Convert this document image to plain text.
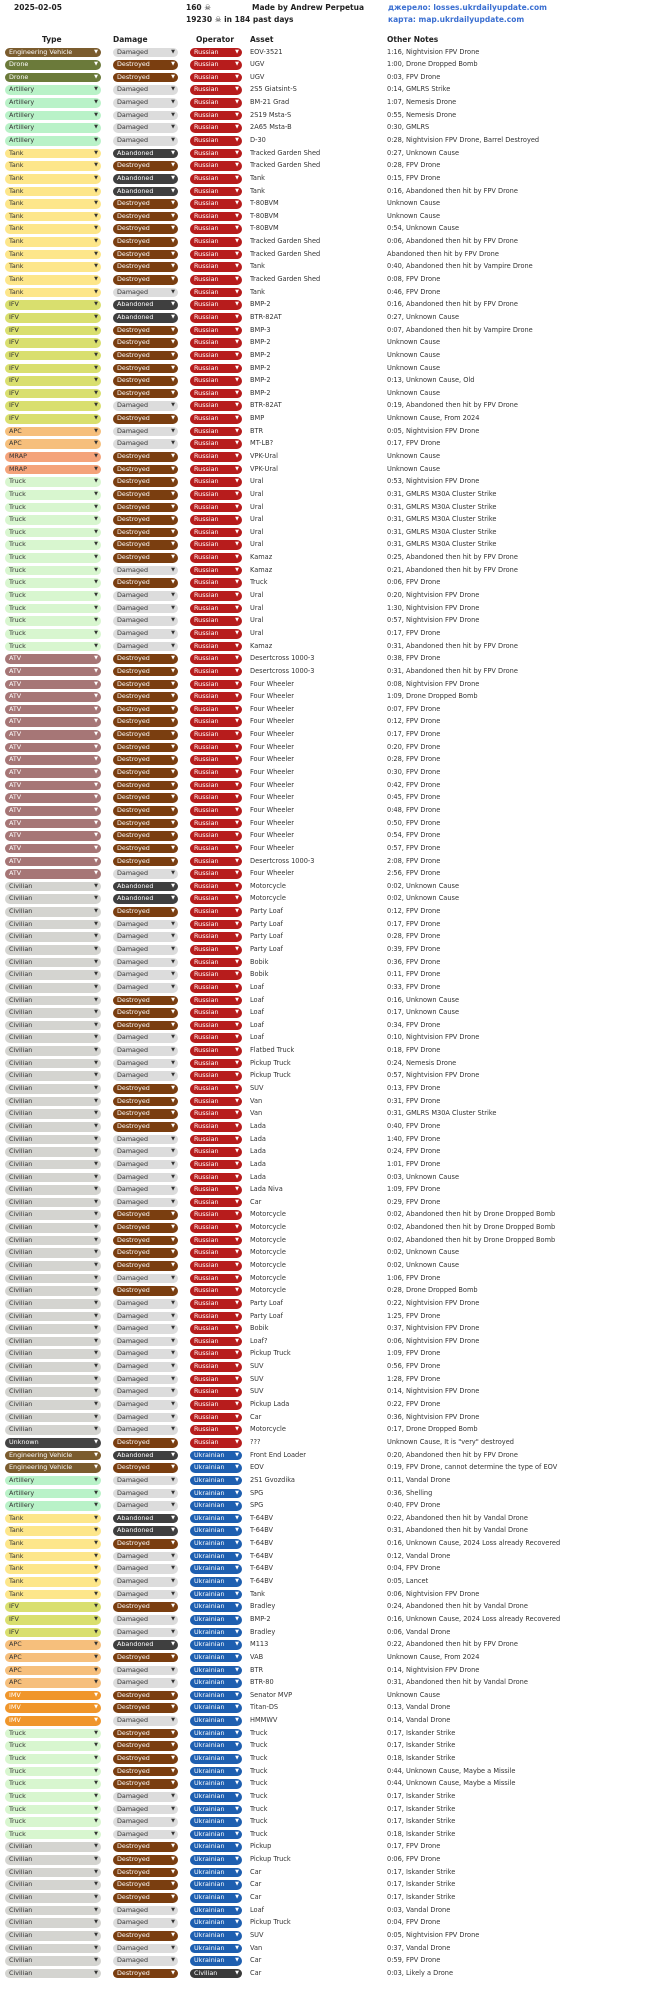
2025-02-05	160 ☠
19230 ☠ in 184 past days
Made by Andrew Perpetua	джерело: losses.ukrdailyupdate.com
карта: map.ukrdailyupdate.com
Type	Damage	Operator Asset	Other Notes
Engineering Vehicle	▼	Damaged	▼	Russian	▼ EOV-3521	1:16, Nightvision FPV Drone
Drone	▼	Destroyed	▼	Russian	▼ UGV	1:00, Drone Dropped Bomb
Drone	▼	Destroyed	▼	Russian	▼ UGV	0:03, FPV Drone
Artillery	▼	Damaged	▼	Russian	▼ 2S5 Giatsint-S	0:14, GMLRS Strike
Artillery	▼	Damaged	▼	Russian	▼ BM-21 Grad	1:07, Nemesis Drone
Artillery	▼	Damaged	▼	Russian	▼ 2S19 Msta-S	0:55, Nemesis Drone
Artillery	▼	Damaged	▼	Russian	▼ 2A65 Msta-B	0:30, GMLRS
Artillery	▼	Damaged	▼	Russian	▼ D-30	0:28, Nightvision FPV Drone, Barrel Destroyed
Tank	▼	Abandoned	▼	Russian	▼ Tracked Garden Shed	0:27, Unknown Cause
Tank	▼	Destroyed	▼	Russian	▼ Tracked Garden Shed	0:28, FPV Drone
Tank	▼	Abandoned	▼	Russian	▼ Tank	0:15, FPV Drone
Tank	▼	Abandoned	▼	Russian	▼ Tank	0:16, Abandoned then hit by FPV Drone
Tank	▼	Destroyed	▼	Russian	▼ T-80BVM	Unknown Cause
Tank	▼	Destroyed	▼	Russian	▼ T-80BVM	Unknown Cause
Tank	▼	Destroyed	▼	Russian	▼ T-80BVM	0:54, Unknown Cause
Tank	▼	Destroyed	▼	Russian	▼ Tracked Garden Shed	0:06, Abandoned then hit by FPV Drone
Tank	▼	Destroyed	▼	Russian	▼ Tracked Garden Shed	Abandoned then hit by FPV Drone
Tank	▼	Destroyed	▼	Russian	▼ Tank	0:40, Abandoned then hit by Vampire Drone
Tank	▼	Destroyed	▼	Russian	▼ Tracked Garden Shed	0:08, FPV Drone
Tank	▼	Damaged	▼	Russian	▼ Tank	0:46, FPV Drone
IFV	▼	Abandoned	▼	Russian	▼ BMP-2	0:16, Abandoned then hit by FPV Drone
IFV	▼	Abandoned	▼	Russian	▼ BTR-82AT	0:27, Unknown Cause
IFV	▼	Destroyed	▼	Russian	▼ BMP-3	0:07, Abandoned then hit by Vampire Drone
IFV	▼	Destroyed	▼	Russian	▼ BMP-2	Unknown Cause
IFV	▼	Destroyed	▼	Russian	▼ BMP-2	Unknown Cause
IFV	▼	Destroyed	▼	Russian	▼ BMP-2	Unknown Cause
IFV	▼	Destroyed	▼	Russian	▼ BMP-2	0:13, Unknown Cause, Old
IFV	▼	Destroyed	▼	Russian	▼ BMP-2	Unknown Cause
IFV	▼	Damaged	▼	Russian	▼ BTR-82AT	0:19, Abandoned then hit by FPV Drone
IFV	▼	Destroyed	▼	Russian	▼ BMP	Unknown Cause, From 2024
APC	▼	Damaged	▼	Russian	▼ BTR	0:05, Nightvision FPV Drone
APC	▼	Damaged	▼	Russian	▼ MT-LB?	0:17, FPV Drone
MRAP	▼	Destroyed	▼	Russian	▼ VPK-Ural	Unknown Cause
MRAP	▼	Destroyed	▼	Russian	▼ VPK-Ural	Unknown Cause
Truck	▼	Destroyed	▼	Russian	▼ Ural	0:53, Nightvision FPV Drone
Truck	▼	Destroyed	▼	Russian	▼ Ural	0:31, GMLRS M30A Cluster Strike
Truck	▼	Destroyed	▼	Russian	▼ Ural	0:31, GMLRS M30A Cluster Strike
Truck	▼	Destroyed	▼	Russian	▼ Ural	0:31, GMLRS M30A Cluster Strike
Truck	▼	Destroyed	▼	Russian	▼ Ural	0:31, GMLRS M30A Cluster Strike
Truck	▼	Destroyed	▼	Russian	▼ Ural	0:31, GMLRS M30A Cluster Strike
Truck	▼	Destroyed	▼	Russian	▼ Kamaz	0:25, Abandoned then hit by FPV Drone
Truck	▼	Damaged	▼	Russian	▼ Kamaz	0:21, Abandoned then hit by FPV Drone
Truck	▼	Destroyed	▼	Russian	▼ Truck	0:06, FPV Drone
Truck	▼	Damaged	▼	Russian	▼ Ural	0:20, Nightvision FPV Drone
Truck	▼	Damaged	▼	Russian	▼ Ural	1:30, Nightvision FPV Drone
Truck	▼	Damaged	▼	Russian	▼ Ural	0:57, Nightvision FPV Drone
Truck	▼	Damaged	▼	Russian	▼ Ural	0:17, FPV Drone
Truck	▼	Damaged	▼	Russian	▼ Kamaz	0:31, Abandoned then hit by FPV Drone
ATV	▼	Destroyed	▼	Russian	▼ Desertcross 1000-3	0:38, FPV Drone
ATV	▼	Destroyed	▼	Russian	▼ Desertcross 1000-3	0:31, Abandoned then hit by FPV Drone
ATV	▼	Destroyed	▼	Russian	▼ Four Wheeler	0:08, Nightvision FPV Drone
ATV	▼	Destroyed	▼	Russian	▼ Four Wheeler	1:09, Drone Dropped Bomb
ATV	▼	Destroyed	▼	Russian	▼ Four Wheeler	0:07, FPV Drone
ATV	▼	Destroyed	▼	Russian	▼ Four Wheeler	0:12, FPV Drone
ATV	▼	Destroyed	▼	Russian	▼ Four Wheeler	0:17, FPV Drone
ATV	▼	Destroyed	▼	Russian	▼ Four Wheeler	0:20, FPV Drone
ATV	▼	Destroyed	▼	Russian	▼ Four Wheeler	0:28, FPV Drone
ATV	▼	Destroyed	▼	Russian	▼ Four Wheeler	0:30, FPV Drone
ATV	▼	Destroyed	▼	Russian	▼ Four Wheeler	0:42, FPV Drone
ATV	▼	Destroyed	▼	Russian	▼ Four Wheeler	0:45, FPV Drone
ATV	▼	Destroyed	▼	Russian	▼ Four Wheeler	0:48, FPV Drone
ATV	▼	Destroyed	▼	Russian	▼ Four Wheeler	0:50, FPV Drone
ATV	▼	Destroyed	▼	Russian	▼ Four Wheeler	0:54, FPV Drone
ATV	▼	Destroyed	▼	Russian	▼ Four Wheeler	0:57, FPV Drone
ATV	▼	Destroyed	▼	Russian	▼ Desertcross 1000-3	2:08, FPV Drone
ATV	▼	Damaged	▼	Russian	▼ Four Wheeler	2:56, FPV Drone
Civilian	▼	Abandoned	▼	Russian	▼ Motorcycle	0:02, Unknown Cause
Civilian	▼	Abandoned	▼	Russian	▼ Motorcycle	0:02, Unknown Cause
Civilian	▼	Destroyed	▼	Russian	▼ Party Loaf	0:12, FPV Drone
Civilian	▼	Damaged	▼	Russian	▼ Party Loaf	0:17, FPV Drone
Civilian	▼	Damaged	▼	Russian	▼ Party Loaf	0:28, FPV Drone
Civilian	▼	Damaged	▼	Russian	▼ Party Loaf	0:39, FPV Drone
Civilian	▼	Damaged	▼	Russian	▼ Bobik	0:36, FPV Drone
Civilian	▼	Damaged	▼	Russian	▼ Bobik	0:11, FPV Drone
Civilian	▼	Damaged	▼	Russian	▼ Loaf	0:33, FPV Drone
Civilian	▼	Destroyed	▼	Russian	▼ Loaf	0:16, Unknown Cause
Civilian	▼	Destroyed	▼	Russian	▼ Loaf	0:17, Unknown Cause
Civilian	▼	Destroyed	▼	Russian	▼ Loaf	0:34, FPV Drone
Civilian	▼	Damaged	▼	Russian	▼ Loaf	0:10, Nightvision FPV Drone
Civilian	▼	Damaged	▼	Russian	▼ Flatbed Truck	0:18, FPV Drone
Civilian	▼	Damaged	▼	Russian	▼ Pickup Truck	0:24, Nemesis Drone
Civilian	▼	Damaged	▼	Russian	▼ Pickup Truck	0:57, Nightvision FPV Drone
Civilian	▼	Destroyed	▼	Russian	▼ SUV	0:13, FPV Drone
Civilian	▼	Destroyed	▼	Russian	▼ Van	0:31, FPV Drone
Civilian	▼	Destroyed	▼	Russian	▼ Van	0:31, GMLRS M30A Cluster Strike
Civilian	▼	Destroyed	▼	Russian	▼ Lada	0:40, FPV Drone
Civilian	▼	Damaged	▼	Russian	▼ Lada	1:40, FPV Drone
Civilian	▼	Damaged	▼	Russian	▼ Lada	0:24, FPV Drone
Civilian	▼	Damaged	▼	Russian	▼ Lada	1:01, FPV Drone
Civilian	▼	Damaged	▼	Russian	▼ Lada	0:03, Unknown Cause
Civilian	▼	Damaged	▼	Russian	▼ Lada Niva	1:09, FPV Drone
Civilian	▼	Damaged	▼	Russian	▼ Car	0:29, FPV Drone
Civilian	▼	Destroyed	▼	Russian	▼ Motorcycle	0:02, Abandoned then hit by Drone Dropped Bomb
Civilian	▼	Destroyed	▼	Russian	▼ Motorcycle	0:02, Abandoned then hit by Drone Dropped Bomb
Civilian	▼	Destroyed	▼	Russian	▼ Motorcycle	0:02, Abandoned then hit by Drone Dropped Bomb
Civilian	▼	Destroyed	▼	Russian	▼ Motorcycle	0:02, Unknown Cause
Civilian	▼	Destroyed	▼	Russian	▼ Motorcycle	0:02, Unknown Cause
Civilian	▼	Damaged	▼	Russian	▼ Motorcycle	1:06, FPV Drone
Civilian	▼	Destroyed	▼	Russian	▼ Motorcycle	0:28, Drone Dropped Bomb
Civilian	▼	Damaged	▼	Russian	▼ Party Loaf	0:22, Nightvision FPV Drone
Civilian	▼	Damaged	▼	Russian	▼ Party Loaf	1:25, FPV Drone
Civilian	▼	Damaged	▼	Russian	▼ Bobik	0:37, Nightvision FPV Drone
Civilian	▼	Damaged	▼	Russian	▼ Loaf?	0:06, Nightvision FPV Drone
Civilian	▼	Damaged	▼	Russian	▼ Pickup Truck	1:09, FPV Drone
Civilian	▼	Damaged	▼	Russian	▼ SUV	0:56, FPV Drone
Civilian	▼	Damaged	▼	Russian	▼ SUV	1:28, FPV Drone
Civilian	▼	Damaged	▼	Russian	▼ SUV	0:14, Nightvision FPV Drone
Civilian	▼	Damaged	▼	Russian	▼ Pickup Lada	0:22, FPV Drone
Civilian	▼	Damaged	▼	Russian	▼ Car	0:36, Nightvision FPV Drone
Civilian	▼	Damaged	▼	Russian	▼ Motorcycle	0:17, Drone Dropped Bomb
Unknown	▼	Destroyed	▼	Russian	▼ ???	Unknown Cause, It is "very" destroyed
Engineering Vehicle	▼	Abandoned	▼	Ukrainian ▼ Front End Loader	0:20, Abandoned then hit by FPV Drone
Engineering Vehicle	▼	Destroyed	▼	Ukrainian ▼ EOV	0:19, FPV Drone, cannot determine the type of EOV
Artillery	▼	Damaged	▼	Ukrainian ▼ 2S1 Gvozdika	0:11, Vandal Drone
Artillery	▼	Damaged	▼	Ukrainian ▼ SPG	0:36, Shelling
Artillery	▼	Damaged	▼	Ukrainian ▼ SPG	0:40, FPV Drone
Tank	▼	Abandoned	▼	Ukrainian ▼ T-64BV	0:22, Abandoned then hit by Vandal Drone
Tank	▼	Abandoned	▼	Ukrainian ▼ T-64BV	0:31, Abandoned then hit by Vandal Drone
Tank	▼	Destroyed	▼	Ukrainian ▼ T-64BV	0:16, Unknown Cause, 2024 Loss already Recovered
Tank	▼	Damaged	▼	Ukrainian ▼ T-64BV	0:12, Vandal Drone
Tank	▼	Damaged	▼	Ukrainian ▼ T-64BV	0:04, FPV Drone
Tank	▼	Damaged	▼	Ukrainian ▼ T-64BV	0:05, Lancet
Tank	▼	Damaged	▼	Ukrainian ▼ Tank	0:06, Nightvision FPV Drone
IFV	▼	Destroyed	▼	Ukrainian ▼ Bradley	0:24, Abandoned then hit by Vandal Drone
IFV	▼	Damaged	▼	Ukrainian ▼ BMP-2	0:16, Unknown Cause, 2024 Loss already Recovered
IFV	▼	Damaged	▼	Ukrainian ▼ Bradley	0:06, Vandal Drone
APC	▼	Abandoned	▼	Ukrainian ▼ M113	0:22, Abandoned then hit by FPV Drone
APC	▼	Destroyed	▼	Ukrainian ▼ VAB	Unknown Cause, From 2024
APC	▼	Damaged	▼	Ukrainian ▼ BTR	0:14, Nightvision FPV Drone
APC	▼	Damaged	▼	Ukrainian ▼ BTR-80	0:31, Abandoned then hit by Vandal Drone
IMV	▼	Destroyed	▼	Ukrainian ▼ Senator MVP	Unknown Cause
IMV	▼	Destroyed	▼	Ukrainian ▼ Titan-DS	0:13, Vandal Drone
IMV	▼	Damaged	▼	Ukrainian ▼ HMMWV	0:14, Vandal Drone
Truck	▼	Destroyed	▼	Ukrainian ▼ Truck	0:17, Iskander Strike
Truck	▼	Destroyed	▼	Ukrainian ▼ Truck	0:17, Iskander Strike
Truck	▼	Destroyed	▼	Ukrainian ▼ Truck	0:18, Iskander Strike
Truck	▼	Destroyed	▼	Ukrainian ▼ Truck	0:44, Unknown Cause, Maybe a Missile
Truck	▼	Destroyed	▼	Ukrainian ▼ Truck	0:44, Unknown Cause, Maybe a Missile
Truck	▼	Damaged	▼	Ukrainian ▼ Truck	0:17, Iskander Strike
Truck	▼	Damaged	▼	Ukrainian ▼ Truck	0:17, Iskander Strike
Truck	▼	Damaged	▼	Ukrainian ▼ Truck	0:17, Iskander Strike
Truck	▼	Damaged	▼	Ukrainian ▼ Truck	0:18, Iskander Strike
Civilian	▼	Destroyed	▼	Ukrainian ▼ Pickup	0:17, FPV Drone
Civilian	▼	Destroyed	▼	Ukrainian ▼ Pickup Truck	0:06, FPV Drone
Civilian	▼	Destroyed	▼	Ukrainian ▼ Car	0:17, Iskander Strike
Civilian	▼	Destroyed	▼	Ukrainian ▼ Car	0:17, Iskander Strike
Civilian	▼	Destroyed	▼	Ukrainian ▼ Car	0:17, Iskander Strike
Civilian	▼	Damaged	▼	Ukrainian ▼ Loaf	0:03, Vandal Drone
Civilian	▼	Damaged	▼	Ukrainian ▼ Pickup Truck	0:04, FPV Drone
Civilian	▼	Destroyed	▼	Ukrainian ▼ SUV	0:05, Nightvision FPV Drone
Civilian	▼	Damaged	▼	Ukrainian ▼ Van	0:37, Vandal Drone
Civilian	▼	Damaged	▼	Ukrainian ▼ Car	0:59, FPV Drone
Civilian	▼	Destroyed	▼	Civilian	▼ Car	0:03, Likely a Drone
